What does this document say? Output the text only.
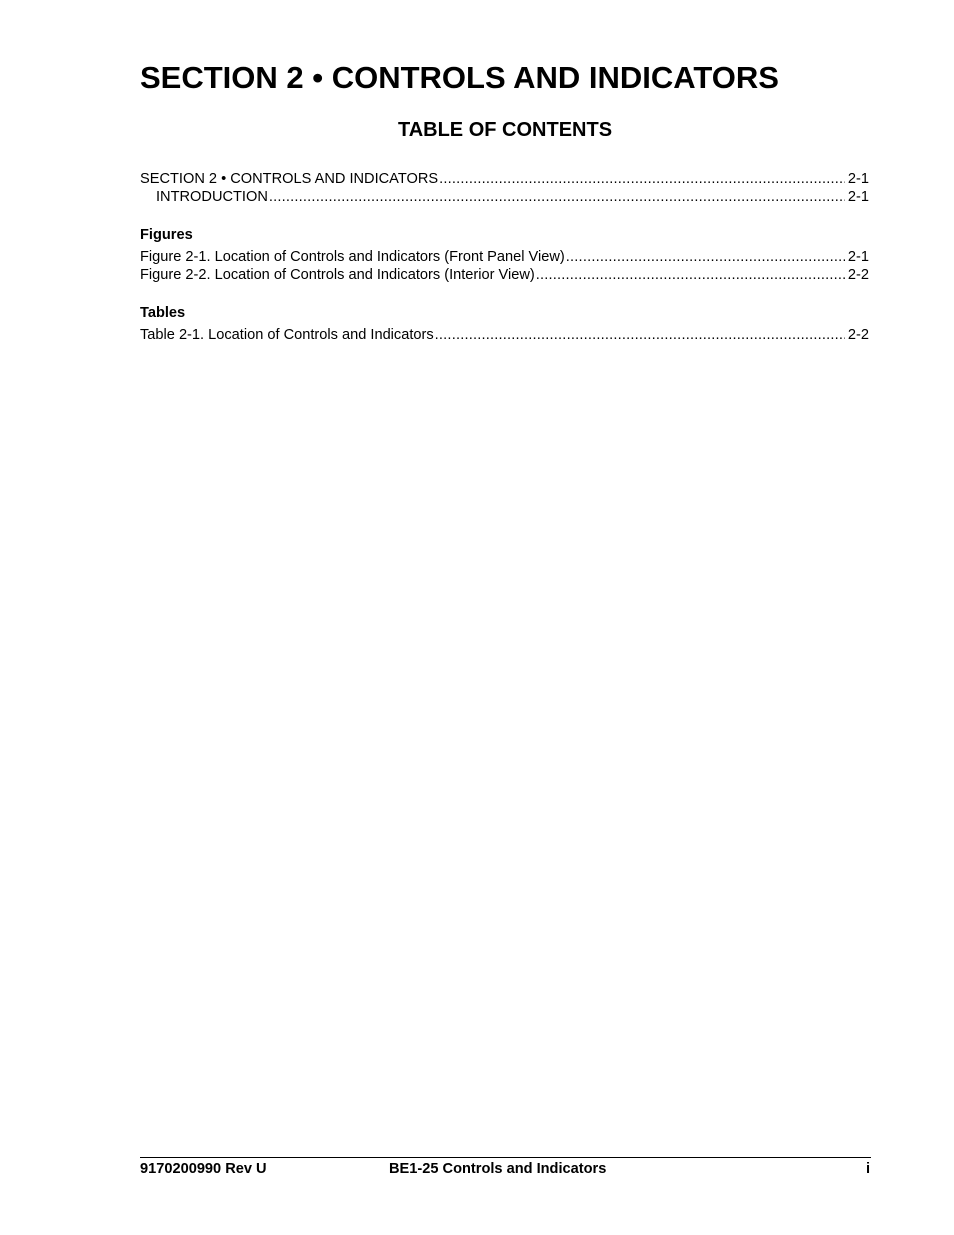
SECTION 2 • CONTROLS AND INDICATORS
TABLE OF CONTENTS
SECTION 2 • CONTROLS AND INDICATORS .....	2-1
INTRODUCTION .....	2-1
Figures
Figure 2-1. Location of Controls and Indicators (Front Panel View) .....	2-1
Figure 2-2. Location of Controls and Indicators (Interior View) .....	2-2
Tables
Table 2-1. Location of Controls and Indicators .....	2-2
9170200990 Rev U	BE1-25 Controls and Indicators	i
